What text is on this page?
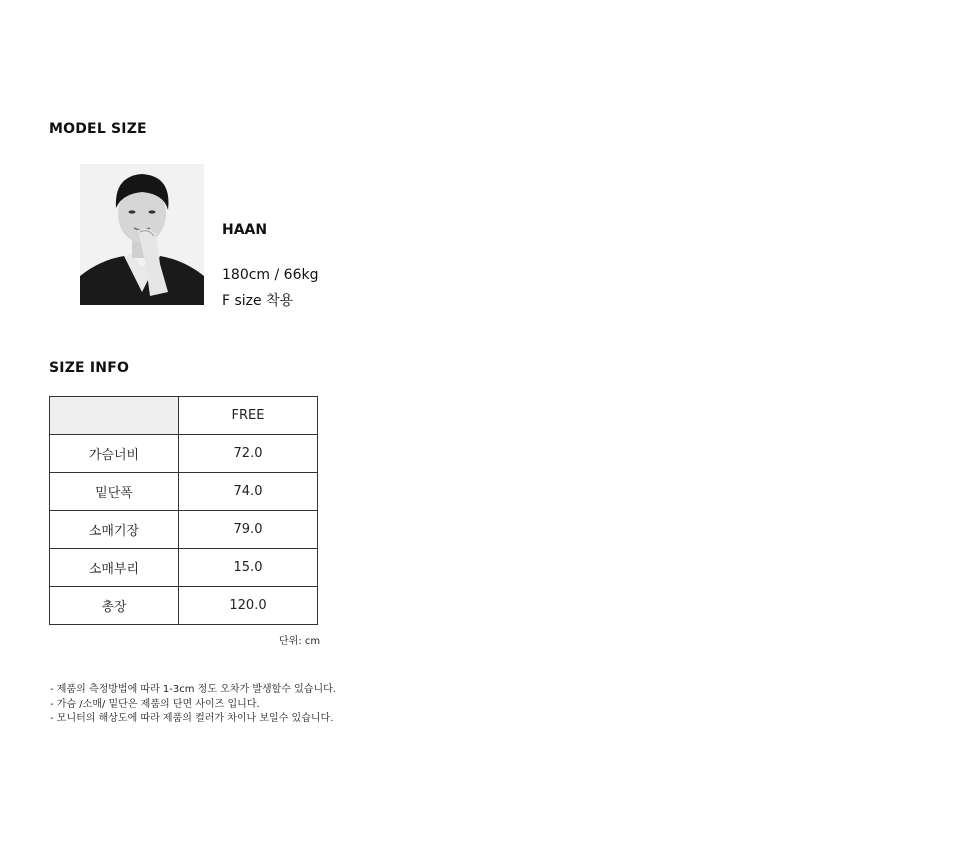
MODEL SIZE
HAAN
180cm / 66kg
F size 착용
SIZE INFO
	FREE
가슴너비	72.0
밑단폭	74.0
소매기장	79.0
소매부리	15.0
총장	120.0
단위: cm
- 제품의 측정방법에 따라 1-3cm 정도 오차가 발생할수 있습니다.
- 가슴 /소매/ 밑단은 제품의 단면 사이즈 입니다.
- 모니터의 해상도에 따라 제품의 컬러가 차이나 보일수 있습니다.
